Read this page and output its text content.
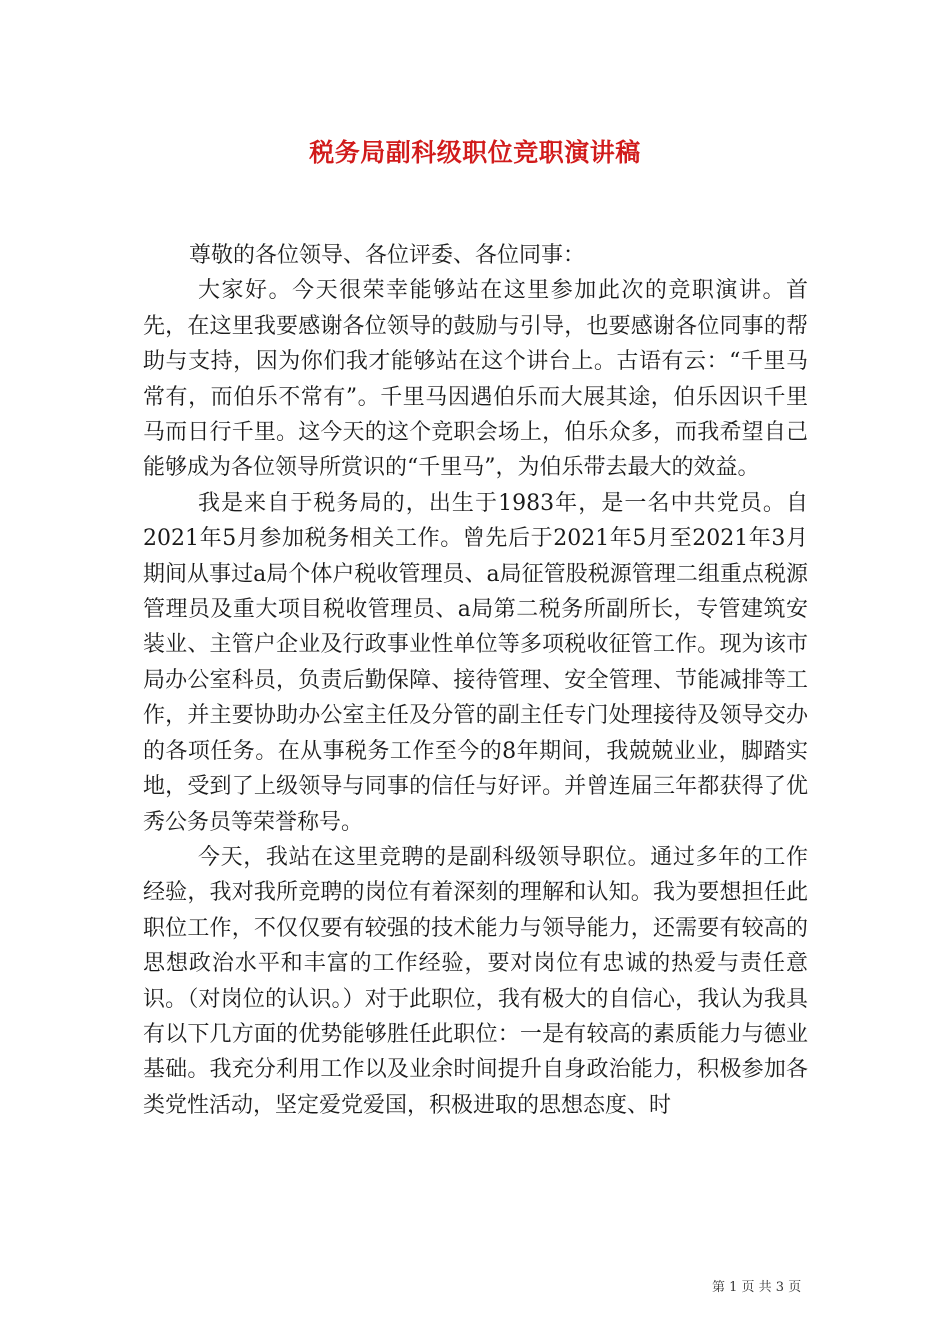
税务局副科级职位竞职演讲稿

尊敬的各位领导、各位评委、各位同事：

大家好。今天很荣幸能够站在这里参加此次的竞职演讲。首先，在这里我要感谢各位领导的鼓励与引导，也要感谢各位同事的帮助与支持，因为你们我才能够站在这个讲台上。古语有云：“千里马常有，而伯乐不常有”。千里马因遇伯乐而大展其途，伯乐因识千里马而日行千里。这今天的这个竞职会场上，伯乐众多，而我希望自己能够成为各位领导所赏识的“千里马”，为伯乐带去最大的效益。

我是来自于税务局的，出生于1983年，是一名中共党员。自2021年5月参加税务相关工作。曾先后于2021年5月至2021年3月期间从事过a局个体户税收管理员、a局征管股税源管理二组重点税源管理员及重大项目税收管理员、a局第二税务所副所长，专管建筑安装业、主管户企业及行政事业性单位等多项税收征管工作。现为该市局办公室科员，负责后勤保障、接待管理、安全管理、节能减排等工作，并主要协助办公室主任及分管的副主任专门处理接待及领导交办的各项任务。在从事税务工作至今的8年期间，我兢兢业业，脚踏实地，受到了上级领导与同事的信任与好评。并曾连届三年都获得了优秀公务员等荣誉称号。

今天，我站在这里竞聘的是副科级领导职位。通过多年的工作经验，我对我所竞聘的岗位有着深刻的理解和认知。我为要想担任此职位工作，不仅仅要有较强的技术能力与领导能力，还需要有较高的思想政治水平和丰富的工作经验，要对岗位有忠诚的热爱与责任意识。（对岗位的认识。）对于此职位，我有极大的自信心，我认为我具有以下几方面的优势能够胜任此职位：一是有较高的素质能力与德业基础。我充分利用工作以及业余时间提升自身政治能力，积极参加各类党性活动，坚定爱党爱国，积极进取的思想态度、时

第 1 页 共 3 页
